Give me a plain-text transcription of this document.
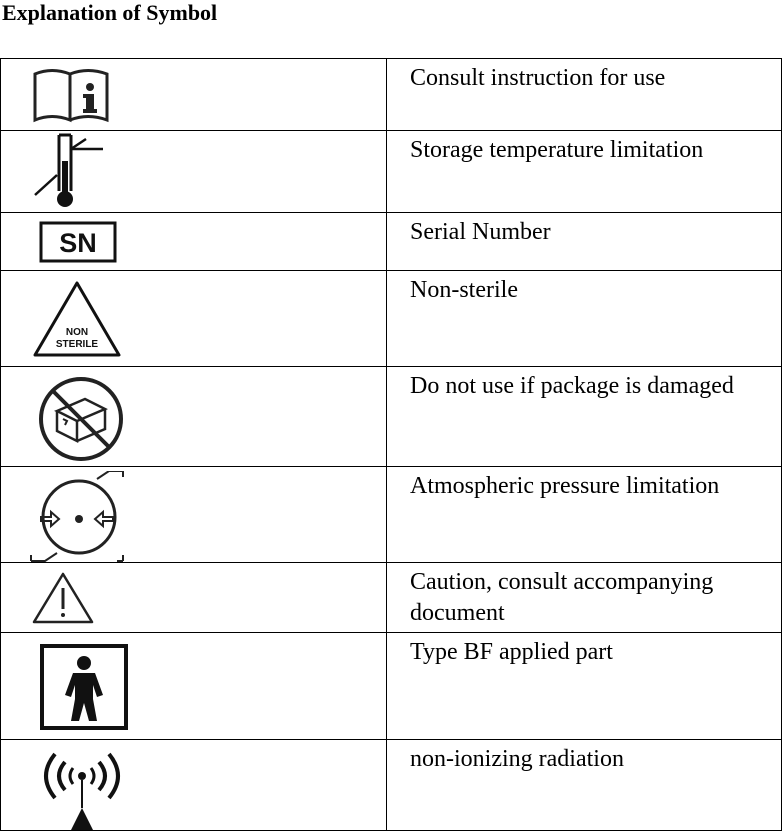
Explanation of Symbol
	Consult instruction for use

	Storage temperature limitation

SN	Serial Number

NON
STERILE	Non-sterile

	Do not use if package is damaged

	Atmospheric pressure limitation

	Caution, consult accompanying document

	Type BF applied part

	non-ionizing radiation
